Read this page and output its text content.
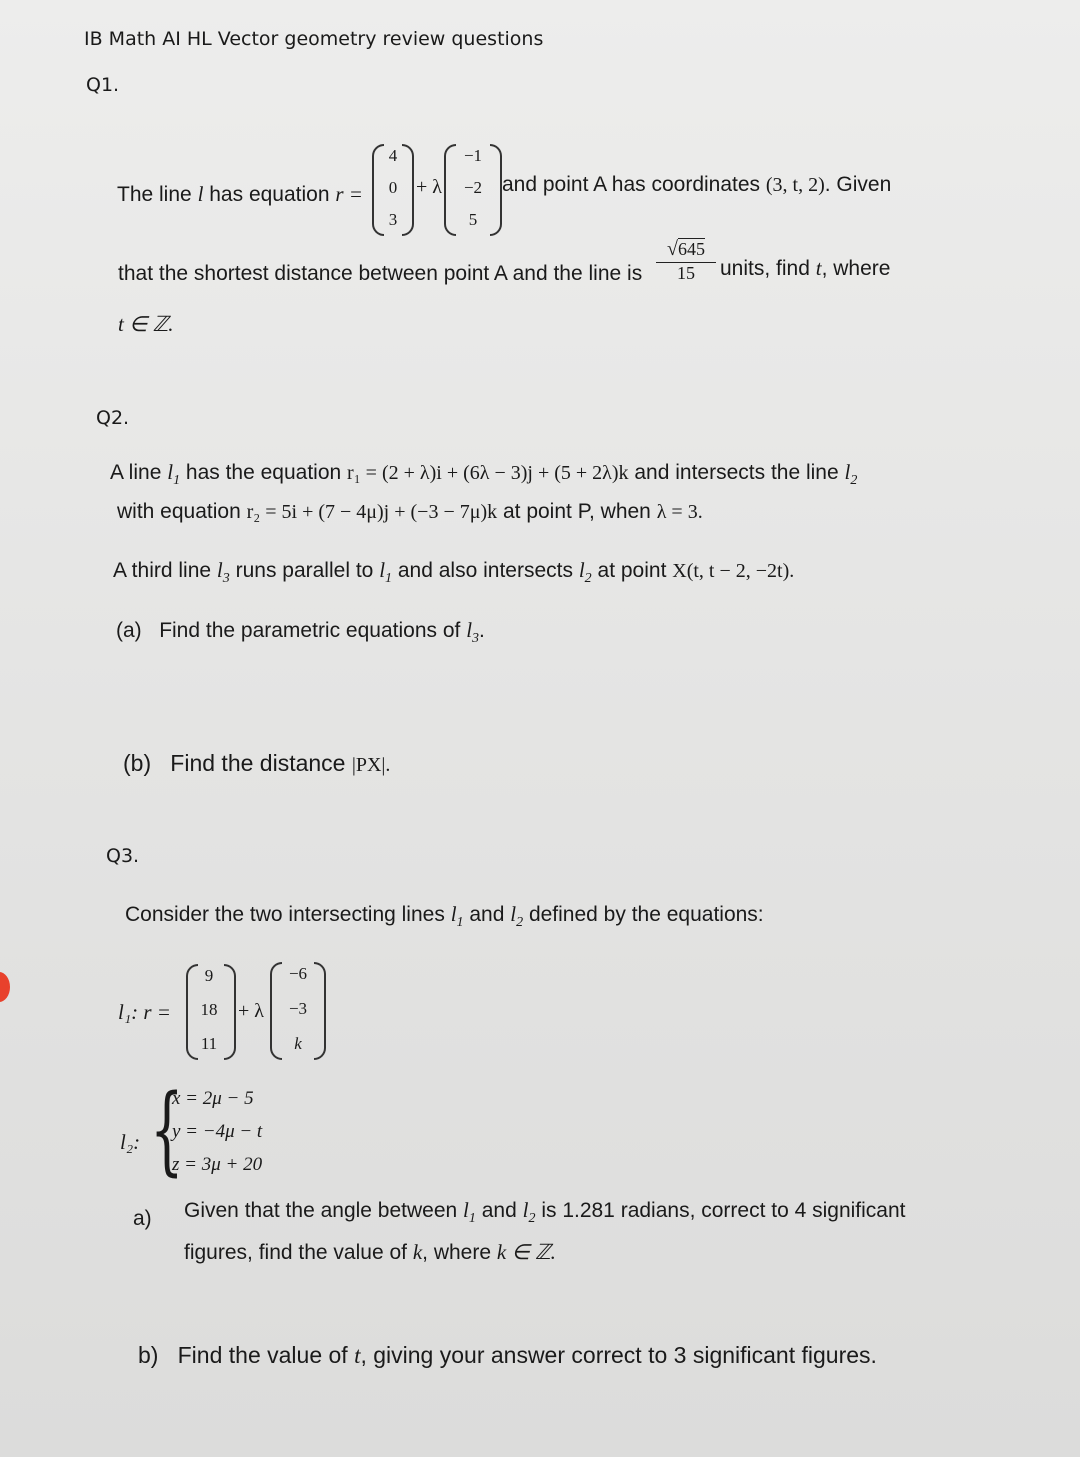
IB Math AI HL Vector geometry review questions
Q1.
The line l has equation r =
4
0
3
+ λ
−1
−2
5
and point A has coordinates (3, t, 2). Given
that the shortest distance between point A and the line is $\frac{√645}{15}$ units, find t, where
t ∈ ℤ.
Q2.
A line $l_1$ has the equation r₁ = (2 + λ)i + (6λ − 3)j + (5 + 2λ)k and intersects the line $l_2$
with equation r₂ = 5i + (7 − 4μ)j + (−3 − 7μ)k at point P, when λ = 3.
A third line $l_3$ runs parallel to $l_1$ and also intersects $l_2$ at point X(t, t − 2, −2t).
(a) Find the parametric equations of $l_3$.
(b) Find the distance |PX|.
Q3.
Consider the two intersecting lines $l_1$ and $l_2$ defined by the equations:
l₁: r =
9
18
11
+ λ
−6
−3
k
l₂: {
x = 2μ − 5
y = −4μ − t
z = 3μ + 20
a) Given that the angle between $l_1$ and $l_2$ is 1.281 radians, correct to 4 significant
figures, find the value of k, where k ∈ ℤ.
b) Find the value of t, giving your answer correct to 3 significant figures.
